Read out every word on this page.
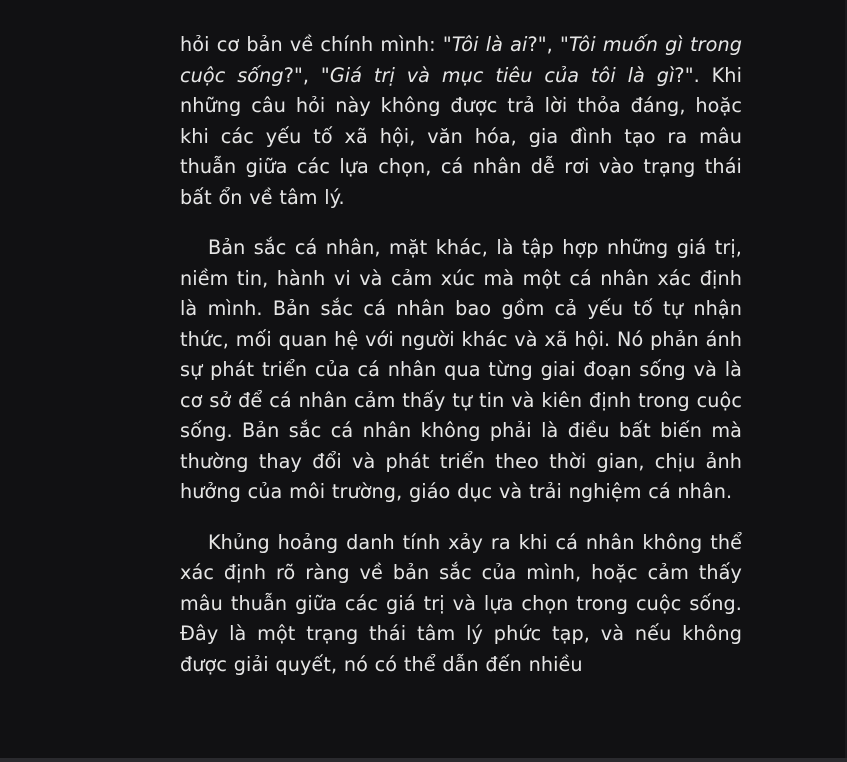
hỏi cơ bản về chính mình: "Tôi là ai?", "Tôi muốn gì trong cuộc sống?", "Giá trị và mục tiêu của tôi là gì?". Khi những câu hỏi này không được trả lời thỏa đáng, hoặc khi các yếu tố xã hội, văn hóa, gia đình tạo ra mâu thuẫn giữa các lựa chọn, cá nhân dễ rơi vào trạng thái bất ổn về tâm lý.

Bản sắc cá nhân, mặt khác, là tập hợp những giá trị, niềm tin, hành vi và cảm xúc mà một cá nhân xác định là mình. Bản sắc cá nhân bao gồm cả yếu tố tự nhận thức, mối quan hệ với người khác và xã hội. Nó phản ánh sự phát triển của cá nhân qua từng giai đoạn sống và là cơ sở để cá nhân cảm thấy tự tin và kiên định trong cuộc sống. Bản sắc cá nhân không phải là điều bất biến mà thường thay đổi và phát triển theo thời gian, chịu ảnh hưởng của môi trường, giáo dục và trải nghiệm cá nhân.

Khủng hoảng danh tính xảy ra khi cá nhân không thể xác định rõ ràng về bản sắc của mình, hoặc cảm thấy mâu thuẫn giữa các giá trị và lựa chọn trong cuộc sống. Đây là một trạng thái tâm lý phức tạp, và nếu không được giải quyết, nó có thể dẫn đến nhiều
